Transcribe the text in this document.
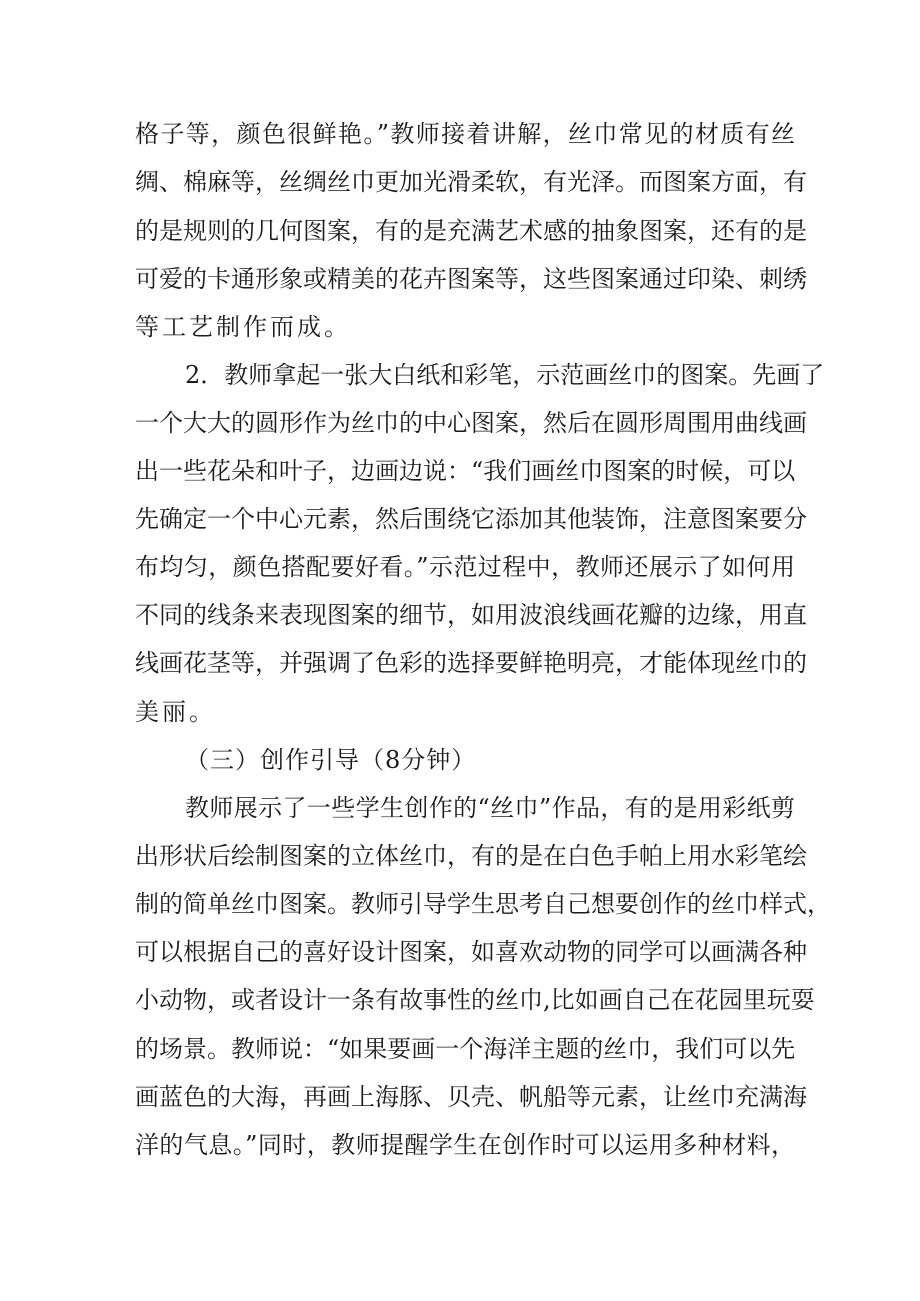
格子等，颜色很鲜艳。”教师接着讲解，丝巾常见的材质有丝

绸、棉麻等，丝绸丝巾更加光滑柔软，有光泽。而图案方面，有

的是规则的几何图案，有的是充满艺术感的抽象图案，还有的是

可爱的卡通形象或精美的花卉图案等，这些图案通过印染、刺绣

等工艺制作而成。

2．教师拿起一张大白纸和彩笔，示范画丝巾的图案。先画了

一个大大的圆形作为丝巾的中心图案，然后在圆形周围用曲线画

出一些花朵和叶子，边画边说：“我们画丝巾图案的时候，可以

先确定一个中心元素，然后围绕它添加其他装饰，注意图案要分

布均匀，颜色搭配要好看。”示范过程中，教师还展示了如何用

不同的线条来表现图案的细节，如用波浪线画花瓣的边缘，用直

线画花茎等，并强调了色彩的选择要鲜艳明亮，才能体现丝巾的

美丽。

（三）创作引导（8分钟）

教师展示了一些学生创作的“丝巾”作品，有的是用彩纸剪

出形状后绘制图案的立体丝巾，有的是在白色手帕上用水彩笔绘

制的简单丝巾图案。教师引导学生思考自己想要创作的丝巾样式，

可以根据自己的喜好设计图案，如喜欢动物的同学可以画满各种

小动物，或者设计一条有故事性的丝巾,比如画自己在花园里玩耍

的场景。教师说：“如果要画一个海洋主题的丝巾，我们可以先

画蓝色的大海，再画上海豚、贝壳、帆船等元素，让丝巾充满海

洋的气息。”同时，教师提醒学生在创作时可以运用多种材料，
